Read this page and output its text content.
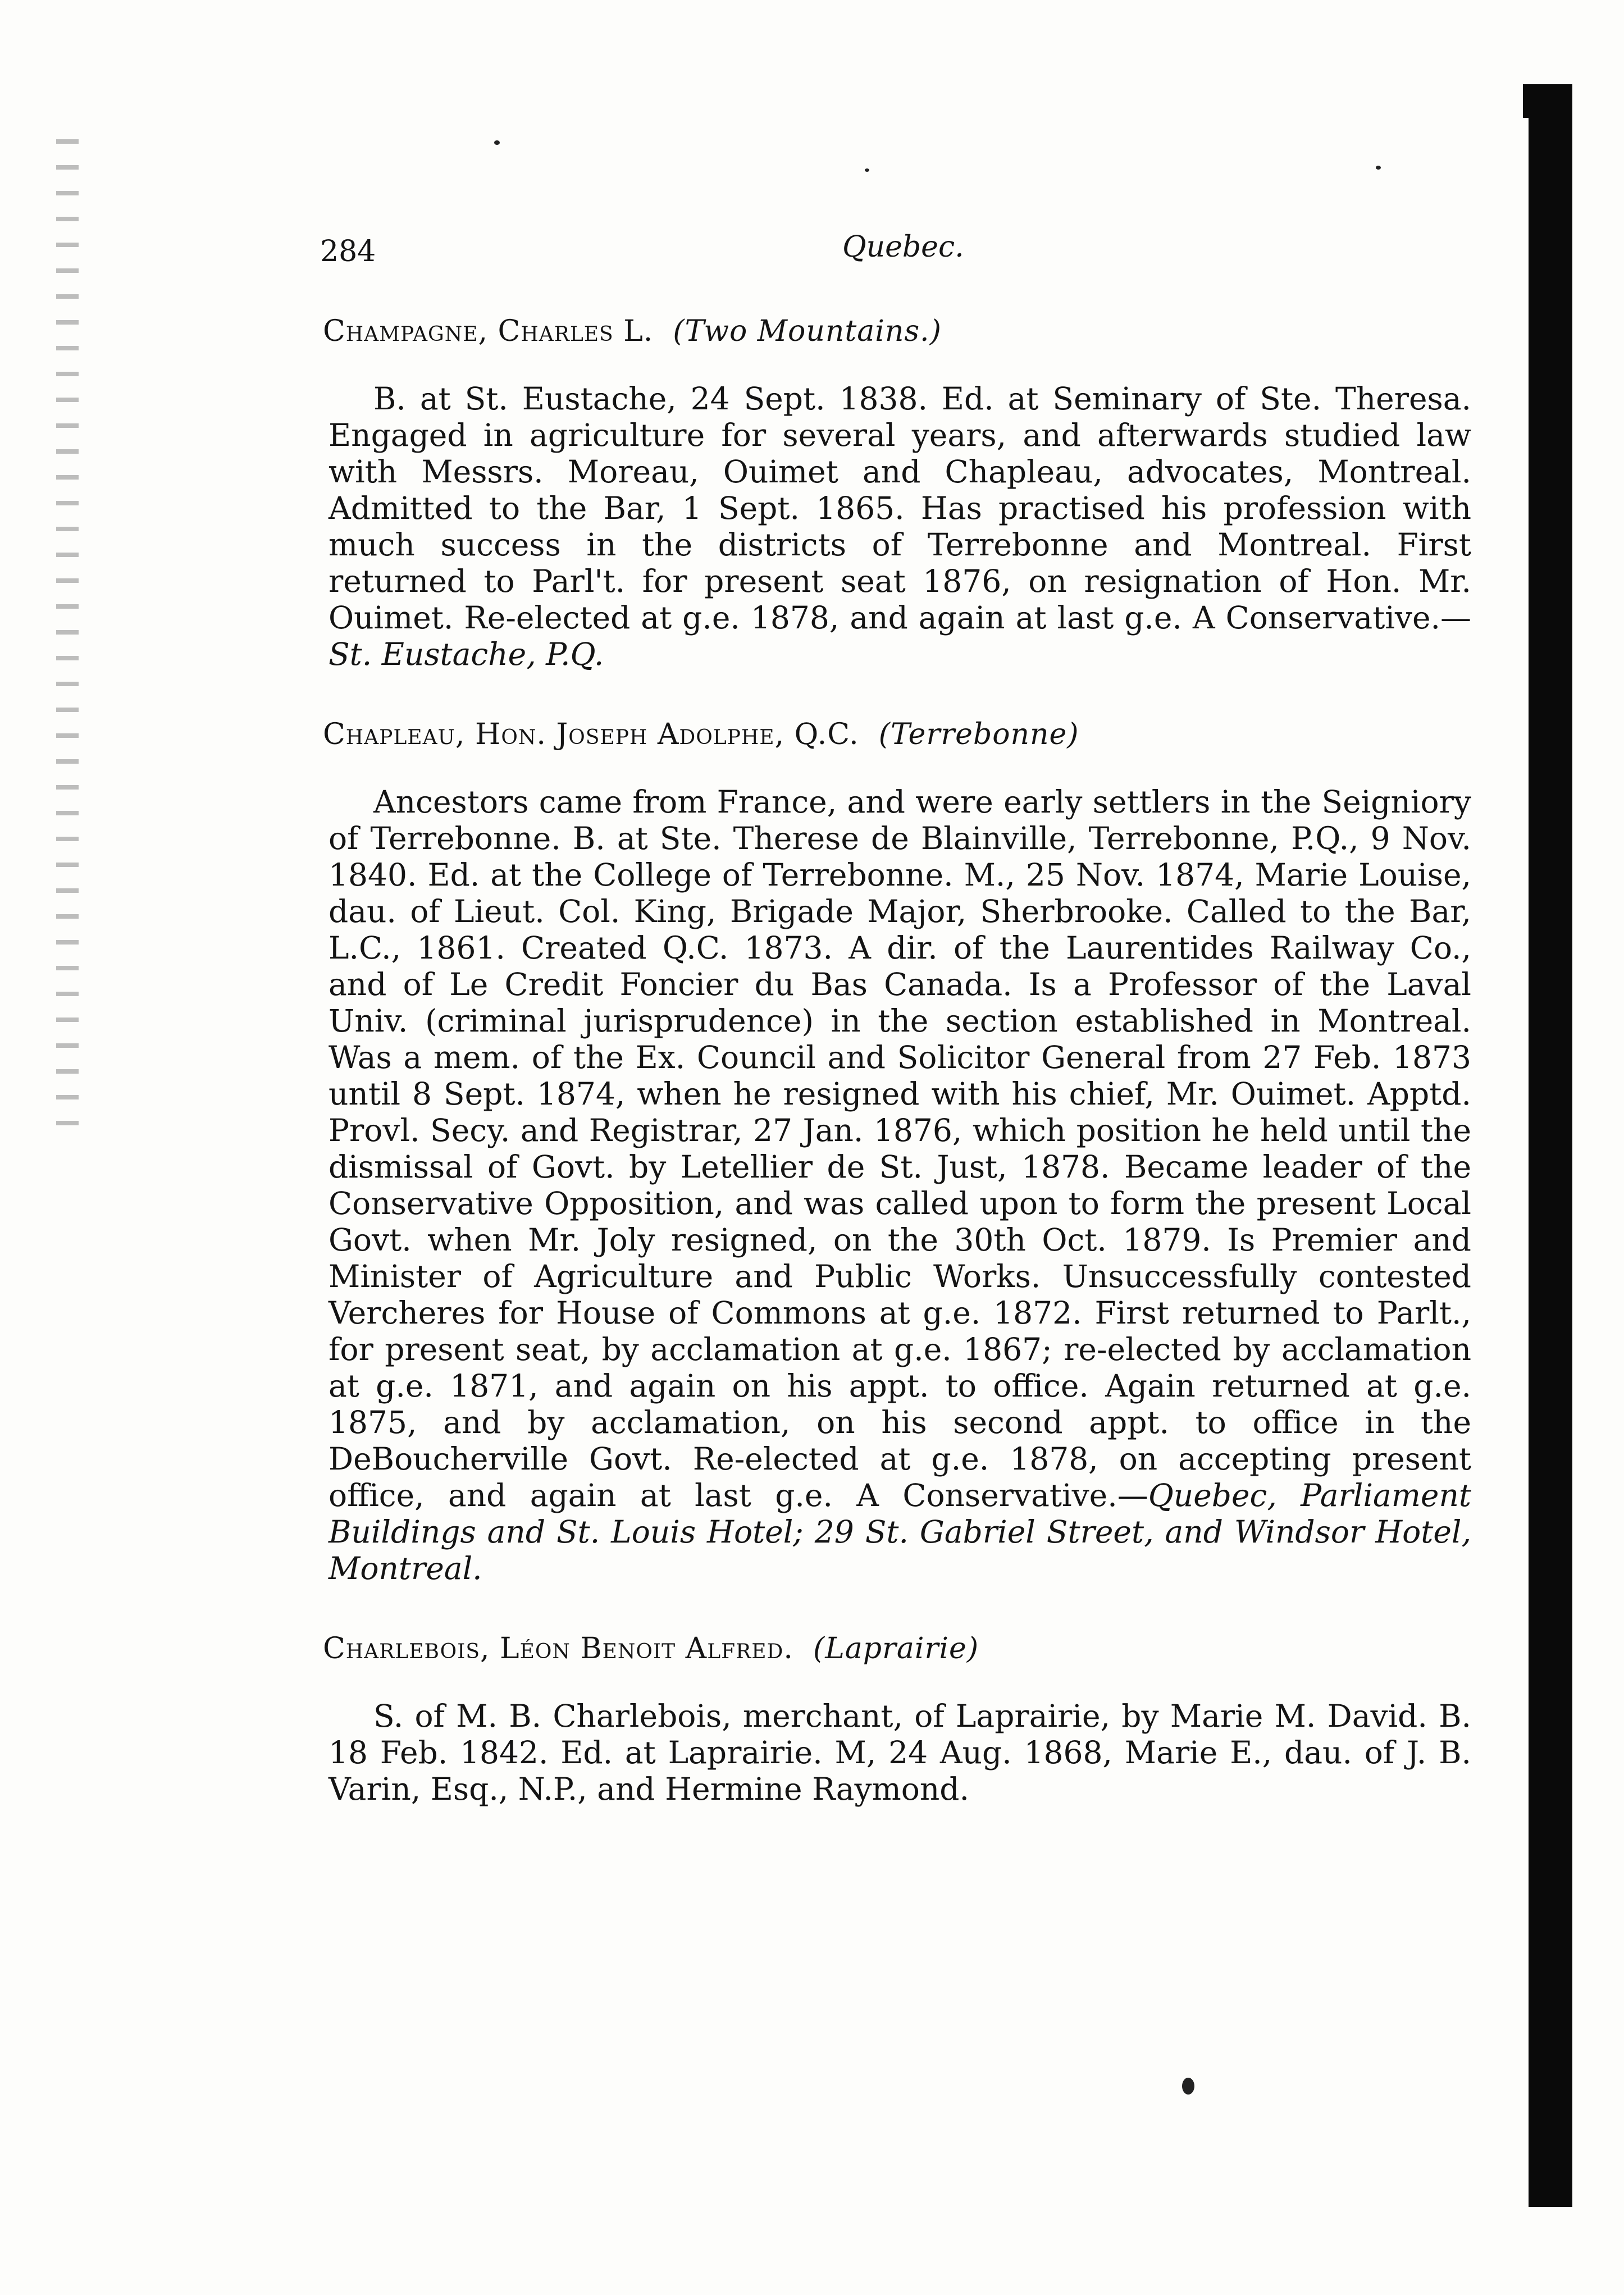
284	Quebec.
Champagne, Charles L. (Two Mountains.)

B. at St. Eustache, 24 Sept. 1838. Ed. at Seminary of Ste. Theresa. Engaged in agriculture for several years, and afterwards studied law with Messrs. Moreau, Ouimet and Chapleau, advocates, Montreal. Admitted to the Bar, 1 Sept. 1865. Has practised his profession with much success in the districts of Terrebonne and Montreal. First returned to Parl't. for present seat 1876, on resignation of Hon. Mr. Ouimet. Re-elected at g.e. 1878, and again at last g.e. A Conservative.—St. Eustache, P.Q.

Chapleau, Hon. Joseph Adolphe, Q.C. (Terrebonne)

Ancestors came from France, and were early settlers in the Seigniory of Terrebonne. B. at Ste. Therese de Blainville, Terrebonne, P.Q., 9 Nov. 1840. Ed. at the College of Terrebonne. M., 25 Nov. 1874, Marie Louise, dau. of Lieut. Col. King, Brigade Major, Sherbrooke. Called to the Bar, L.C., 1861. Created Q.C. 1873. A dir. of the Laurentides Railway Co., and of Le Credit Foncier du Bas Canada. Is a Professor of the Laval Univ. (criminal jurisprudence) in the section established in Montreal. Was a mem. of the Ex. Council and Solicitor General from 27 Feb. 1873 until 8 Sept. 1874, when he resigned with his chief, Mr. Ouimet. Apptd. Provl. Secy. and Registrar, 27 Jan. 1876, which position he held until the dismissal of Govt. by Letellier de St. Just, 1878. Became leader of the Conservative Opposition, and was called upon to form the present Local Govt. when Mr. Joly resigned, on the 30th Oct. 1879. Is Premier and Minister of Agriculture and Public Works. Unsuccessfully contested Vercheres for House of Commons at g.e. 1872. First returned to Parlt., for present seat, by acclamation at g.e. 1867; re-elected by acclamation at g.e. 1871, and again on his appt. to office. Again returned at g.e. 1875, and by acclamation, on his second appt. to office in the DeBoucherville Govt. Re-elected at g.e. 1878, on accepting present office, and again at last g.e. A Conservative.—Quebec, Parliament Buildings and St. Louis Hotel; 29 St. Gabriel Street, and Windsor Hotel, Montreal.

Charlebois, Léon Benoit Alfred. (Laprairie)

S. of M. B. Charlebois, merchant, of Laprairie, by Marie M. David. B. 18 Feb. 1842. Ed. at Laprairie. M, 24 Aug. 1868, Marie E., dau. of J. B. Varin, Esq., N.P., and Hermine Raymond.
